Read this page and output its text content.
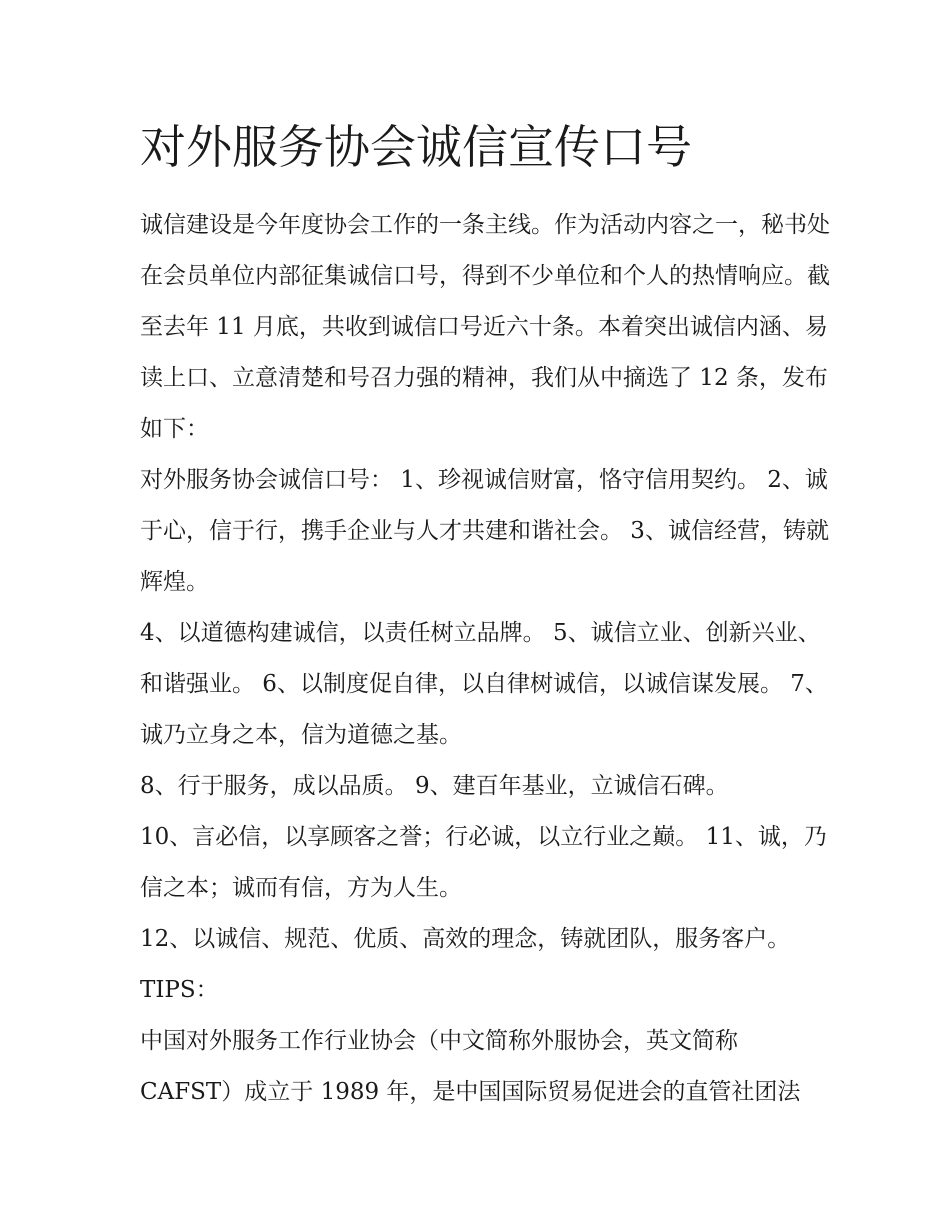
对外服务协会诚信宣传口号

诚信建设是今年度协会工作的一条主线。作为活动内容之一，秘书处在会员单位内部征集诚信口号，得到不少单位和个人的热情响应。截至去年 11 月底，共收到诚信口号近六十条。本着突出诚信内涵、易读上口、立意清楚和号召力强的精神，我们从中摘选了 12 条，发布如下：

对外服务协会诚信口号： 1、珍视诚信财富，恪守信用契约。 2、诚于心，信于行，携手企业与人才共建和谐社会。 3、诚信经营，铸就辉煌。

4、以道德构建诚信，以责任树立品牌。 5、诚信立业、创新兴业、和谐强业。 6、以制度促自律，以自律树诚信，以诚信谋发展。 7、诚乃立身之本，信为道德之基。

8、行于服务，成以品质。 9、建百年基业，立诚信石碑。

10、言必信，以享顾客之誉；行必诚，以立行业之巅。 11、诚，乃信之本；诚而有信，方为人生。

12、以诚信、规范、优质、高效的理念，铸就团队，服务客户。 TIPS：

中国对外服务工作行业协会（中文简称外服协会，英文简称 CAFST）成立于 1989 年，是中国国际贸易促进会的直管社团法
